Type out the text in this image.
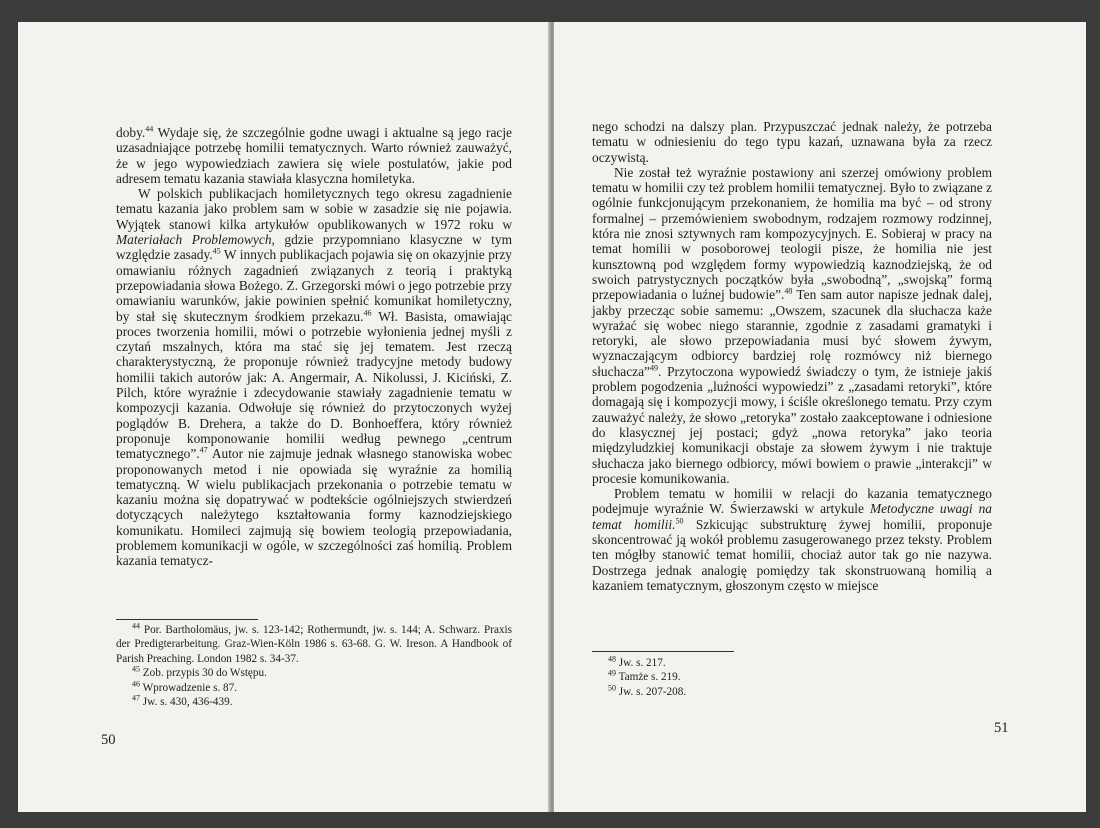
doby.$^{44}$ Wydaje się, że szczególnie godne uwagi i aktualne są jego racje uzasadniające potrzebę homilii tematycznych. Warto również zauważyć, że w jego wypowiedziach zawiera się wiele postulatów, jakie pod adresem tematu kazania stawiała klasyczna homiletyka.

W polskich publikacjach homiletycznych tego okresu zagadnienie tematu kazania jako problem sam w sobie w zasadzie się nie pojawia. Wyjątek stanowi kilka artykułów opublikowanych w 1972 roku w Materiałach Problemowych, gdzie przypomniano klasyczne w tym względzie zasady.$^{45}$ W innych publikacjach pojawia się on okazyjnie przy omawianiu różnych zagadnień związanych z teorią i praktyką przepowiadania słowa Bożego. Z. Grzegorski mówi o jego potrzebie przy omawianiu warunków, jakie powinien spełnić komunikat homiletyczny, by stał się skutecznym środkiem przekazu.$^{46}$ Wł. Basista, omawiając proces tworzenia homilii, mówi o potrzebie wyłonienia jednej myśli z czytań mszalnych, która ma stać się jej tematem. Jest rzeczą charakterystyczną, że proponuje również tradycyjne metody budowy homilii takich autorów jak: A. Angermair, A. Nikolussi, J. Kiciński, Z. Pilch, które wyraźnie i zdecydowanie stawiały zagadnienie tematu w kompozycji kazania. Odwołuje się również do przytoczonych wyżej poglądów B. Drehera, a także do D. Bonhoeffera, który również proponuje komponowanie homilii według pewnego „centrum tematycznego”.$^{47}$ Autor nie zajmuje jednak własnego stanowiska wobec proponowanych metod i nie opowiada się wyraźnie za homilią tematyczną. W wielu publikacjach przekonania o potrzebie tematu w kazaniu można się dopatrywać w podtekście ogólniejszych stwierdzeń dotyczących należytego kształtowania formy kaznodziejskiego komunikatu. Homileci zajmują się bowiem teologią przepowiadania, problemem komunikacji w ogóle, w szczególności zaś homilią. Problem kazania tematycz-

$^{44}$ Por. Bartholomäus, jw. s. 123-142; Rothermundt, jw. s. 144; A. Schwarz. Praxis der Predigterarbeitung. Graz-Wien-Köln 1986 s. 63-68. G. W. Ireson. A Handbook of Parish Preaching. London 1982 s. 34-37.
$^{45}$ Zob. przypis 30 do Wstępu.
$^{46}$ Wprowadzenie s. 87.
$^{47}$ Jw. s. 430, 436-439.
50

nego schodzi na dalszy plan. Przypuszczać jednak należy, że potrzeba tematu w odniesieniu do tego typu kazań, uznawana była za rzecz oczywistą.

Nie został też wyraźnie postawiony ani szerzej omówiony problem tematu w homilii czy też problem homilii tematycznej. Było to związane z ogólnie funkcjonującym przekonaniem, że homilia ma być – od strony formalnej – przemówieniem swobodnym, rodzajem rozmowy rodzinnej, która nie znosi sztywnych ram kompozycyjnych. E. Sobieraj w pracy na temat homilii w posoborowej teologii pisze, że homilia nie jest kunsztowną pod względem formy wypowiedzią kaznodziejską, że od swoich patrystycznych początków była „swobodną”, „swojską” formą przepowiadania o luźnej budowie”.$^{48}$ Ten sam autor napisze jednak dalej, jakby przecząc sobie samemu: „Owszem, szacunek dla słuchacza każe wyrażać się wobec niego starannie, zgodnie z zasadami gramatyki i retoryki, ale słowo przepowiadania musi być słowem żywym, wyznaczającym odbiorcy bardziej rolę rozmówcy niż biernego słuchacza”$^{49}$. Przytoczona wypowiedź świadczy o tym, że istnieje jakiś problem pogodzenia „luźności wypowiedzi” z „zasadami retoryki”, które domagają się i kompozycji mowy, i ściśle określonego tematu. Przy czym zauważyć należy, że słowo „retoryka” zostało zaakceptowane i odniesione do klasycznej jej postaci; gdyż „nowa retoryka” jako teoria międzyludzkiej komunikacji obstaje za słowem żywym i nie traktuje słuchacza jako biernego odbiorcy, mówi bowiem o prawie „interakcji” w procesie komunikowania.

Problem tematu w homilii w relacji do kazania tematycznego podejmuje wyraźnie W. Świerzawski w artykule Metodyczne uwagi na temat homilii.$^{50}$ Szkicując substrukturę żywej homilii, proponuje skoncentrować ją wokół problemu zasugerowanego przez teksty. Problem ten mógłby stanowić temat homilii, chociaż autor tak go nie nazywa. Dostrzega jednak analogię pomiędzy tak skonstruowaną homilią a kazaniem tematycznym, głoszonym często w miejsce

$^{48}$ Jw. s. 217.
$^{49}$ Tamże s. 219.
$^{50}$ Jw. s. 207-208.
51
